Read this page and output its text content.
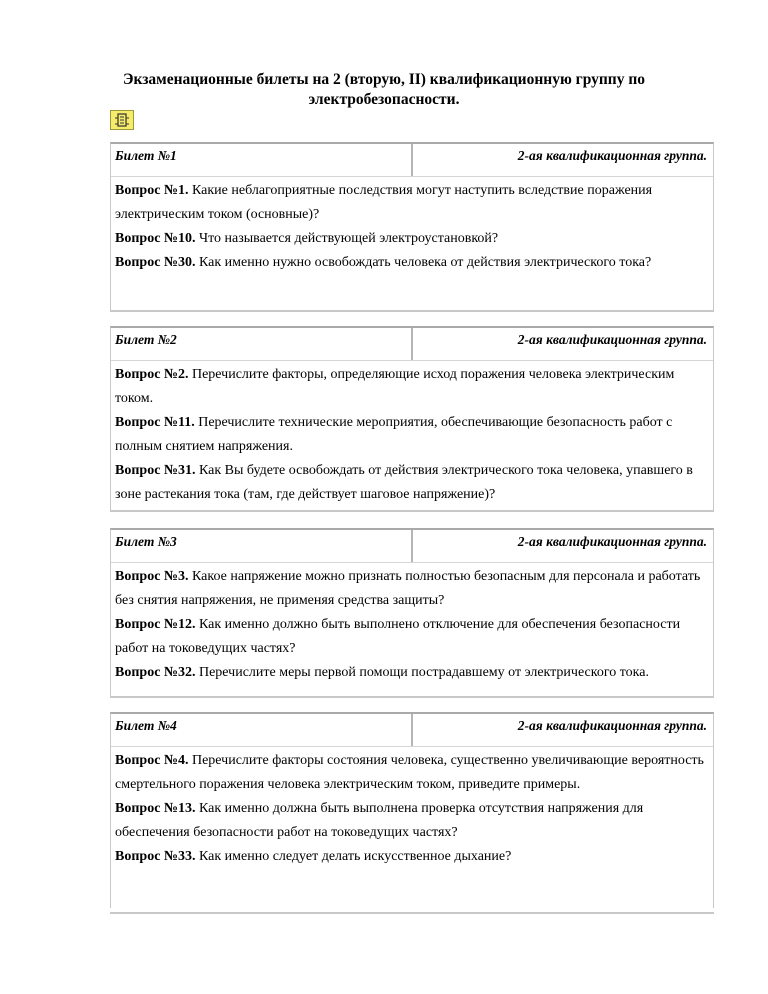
Экзаменационные билеты на 2 (вторую, II) квалификационную группу по электробезопасности.
Билет №1	2-ая квалификационная группа.
Вопрос №1. Какие неблагоприятные последствия могут наступить вследствие поражения электрическим током (основные)?
Вопрос №10. Что называется действующей электроустановкой?
Вопрос №30. Как именно нужно освобождать человека от действия электрического тока?
Билет №2	2-ая квалификационная группа.
Вопрос №2. Перечислите факторы, определяющие исход поражения человека электрическим током.
Вопрос №11. Перечислите технические мероприятия, обеспечивающие безопасность работ с полным снятием напряжения.
Вопрос №31. Как Вы будете освобождать от действия электрического тока человека, упавшего в зоне растекания тока (там, где действует шаговое напряжение)?
Билет №3	2-ая квалификационная группа.
Вопрос №3. Какое напряжение можно признать полностью безопасным для персонала и работать без снятия напряжения, не применяя средства защиты?
Вопрос №12. Как именно должно быть выполнено отключение для обеспечения безопасности работ на токоведущих частях?
Вопрос №32. Перечислите меры первой помощи пострадавшему от электрического тока.
Билет №4	2-ая квалификационная группа.
Вопрос №4. Перечислите факторы состояния человека, существенно увеличивающие вероятность смертельного поражения человека электрическим током, приведите примеры.
Вопрос №13. Как именно должна быть выполнена проверка отсутствия напряжения для обеспечения безопасности работ на токоведущих частях?
Вопрос №33. Как именно следует делать искусственное дыхание?
